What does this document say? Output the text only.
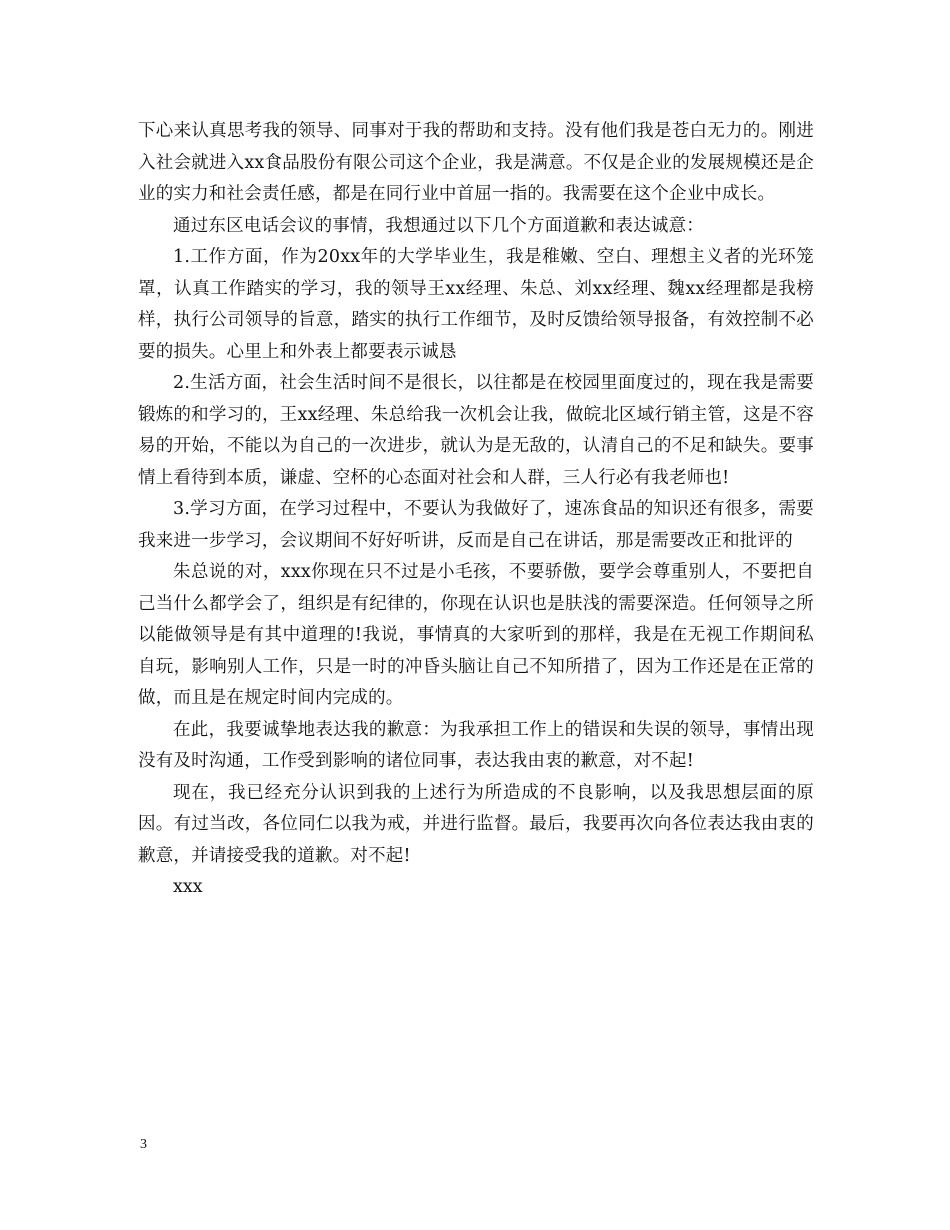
下心来认真思考我的领导、同事对于我的帮助和支持。没有他们我是苍白无力的。刚进入社会就进入xx食品股份有限公司这个企业，我是满意。不仅是企业的发展规模还是企业的实力和社会责任感，都是在同行业中首屈一指的。我需要在这个企业中成长。

通过东区电话会议的事情，我想通过以下几个方面道歉和表达诚意：

1.工作方面，作为20xx年的大学毕业生，我是稚嫩、空白、理想主义者的光环笼罩，认真工作踏实的学习，我的领导王xx经理、朱总、刘xx经理、魏xx经理都是我榜样，执行公司领导的旨意，踏实的执行工作细节，及时反馈给领导报备，有效控制不必要的损失。心里上和外表上都要表示诚恳

2.生活方面，社会生活时间不是很长，以往都是在校园里面度过的，现在我是需要锻炼的和学习的，王xx经理、朱总给我一次机会让我，做皖北区域行销主管，这是不容易的开始，不能以为自己的一次进步，就认为是无敌的，认清自己的不足和缺失。要事情上看待到本质，谦虚、空杯的心态面对社会和人群，三人行必有我老师也!

3.学习方面，在学习过程中，不要认为我做好了，速冻食品的知识还有很多，需要我来进一步学习，会议期间不好好听讲，反而是自己在讲话，那是需要改正和批评的

朱总说的对，xxx你现在只不过是小毛孩，不要骄傲，要学会尊重别人，不要把自己当什么都学会了，组织是有纪律的，你现在认识也是肤浅的需要深造。任何领导之所以能做领导是有其中道理的!我说，事情真的大家听到的那样，我是在无视工作期间私自玩，影响别人工作，只是一时的冲昏头脑让自己不知所措了，因为工作还是在正常的做，而且是在规定时间内完成的。

在此，我要诚挚地表达我的歉意：为我承担工作上的错误和失误的领导，事情出现没有及时沟通，工作受到影响的诸位同事，表达我由衷的歉意，对不起!

现在，我已经充分认识到我的上述行为所造成的不良影响，以及我思想层面的原因。有过当改，各位同仁以我为戒，并进行监督。最后，我要再次向各位表达我由衷的歉意，并请接受我的道歉。对不起!

xxx

3
